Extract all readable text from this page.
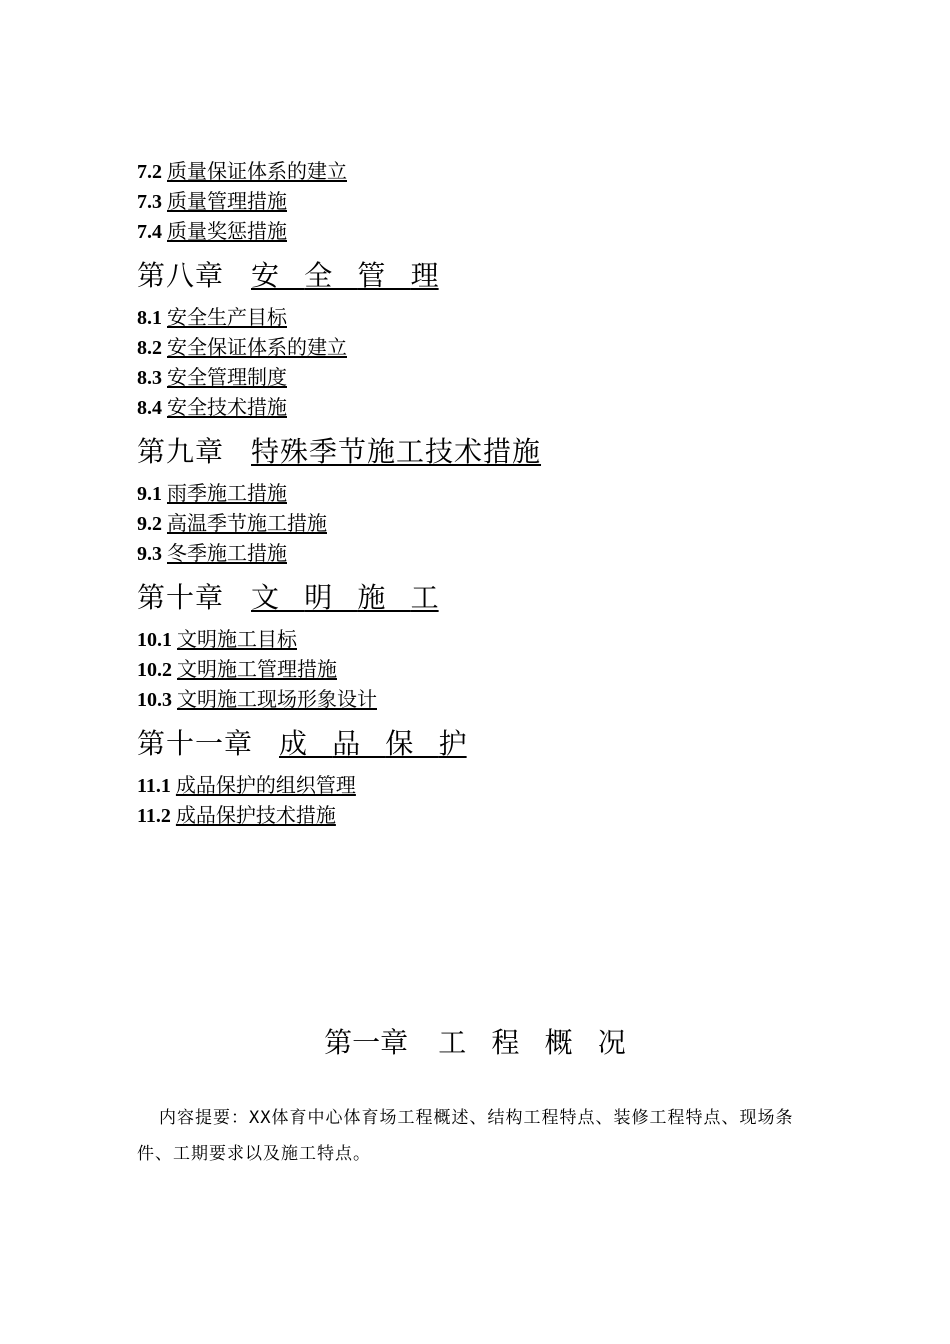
7.2 质量保证体系的建立
7.3 质量管理措施
7.4 质量奖惩措施
第八章 安全管理
8.1 安全生产目标
8.2 安全保证体系的建立
8.3 安全管理制度
8.4 安全技术措施
第九章 特殊季节施工技术措施
9.1 雨季施工措施
9.2 高温季节施工措施
9.3 冬季施工措施
第十章 文明施工
10.1 文明施工目标
10.2 文明施工管理措施
10.3 文明施工现场形象设计
第十一章 成品保护
11.1 成品保护的组织管理
11.2 成品保护技术措施
第一章 工程概况
内容提要：XX体育中心体育场工程概述、结构工程特点、装修工程特点、现场条件、工期要求以及施工特点。
